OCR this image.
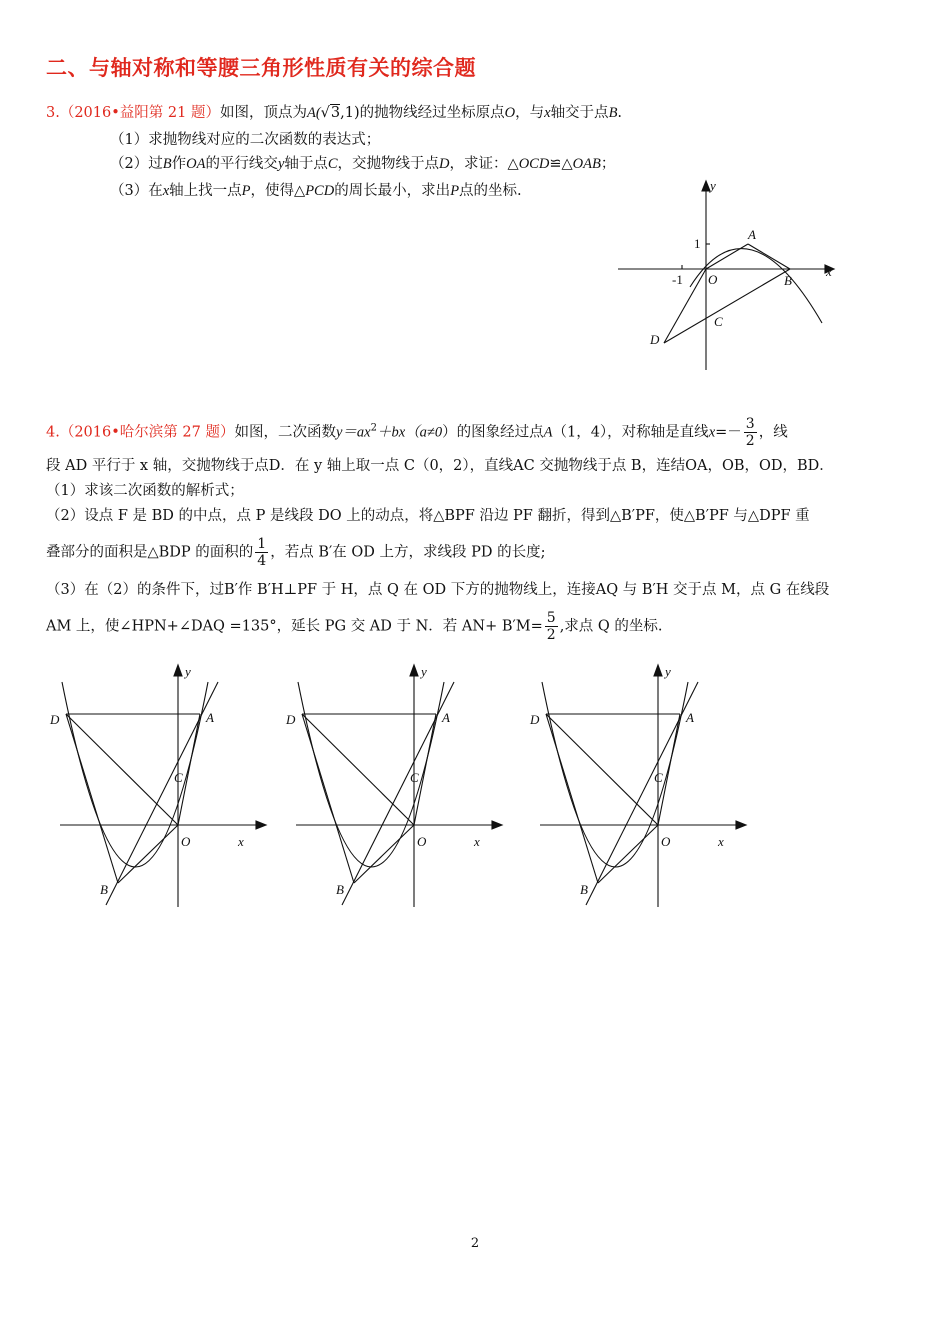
二、与轴对称和等腰三角形性质有关的综合题
3.（2016•益阳第 21 题）如图，顶点为A(√3,1)的抛物线经过坐标原点O，与x轴交于点B.
（1）求抛物线对应的二次函数的表达式；
（2）过B作OA的平行线交y轴于点C，交抛物线于点D，求证：△OCD≌△OAB；
（3）在x轴上找一点P，使得△PCD的周长最小，求出P点的坐标.	y
x
1
-1 O
A
B
C
D
4.（2016•哈尔滨第 27 题）如图，二次函数$y=ax^2+bx(a\ne 0)$的图象经过点A（1，4），对称轴是直线$x=- \frac{3}{2}$ ，线
段 AD 平行于 x 轴，交抛物线于点D．在 y 轴上取一点 C（0，2），直线AC 交抛物线于点 B，连结OA，OB，OD，BD．
（1）求该二次函数的解析式；
（2）设点 F 是 BD 的中点，点 P 是线段 DO 上的动点，将△BPF 沿边 PF 翻折，得到△B′PF，使△B′PF 与△DPF 重
叠部分的面积是△BDP 的面积的 $\frac{1}{4}$ ，若点 B′在 OD 上方，求线段 PD 的长度;
（3）在（2）的条件下，过B′作 B′H⊥PF 于 H，点 Q 在 OD 下方的抛物线上，连接AQ 与 B′H 交于点 M，点 G 在线段
AM 上，使∠HPN+∠DAQ =135°，延长 PG 交 AD 于 N．若 $AN+ B'M= \frac{5}{2}$ ,求点 Q 的坐标.
y
x
O
A
B
C
D
y
x
O
A
B
C
D
y
x
O
A
B
C
D
2
